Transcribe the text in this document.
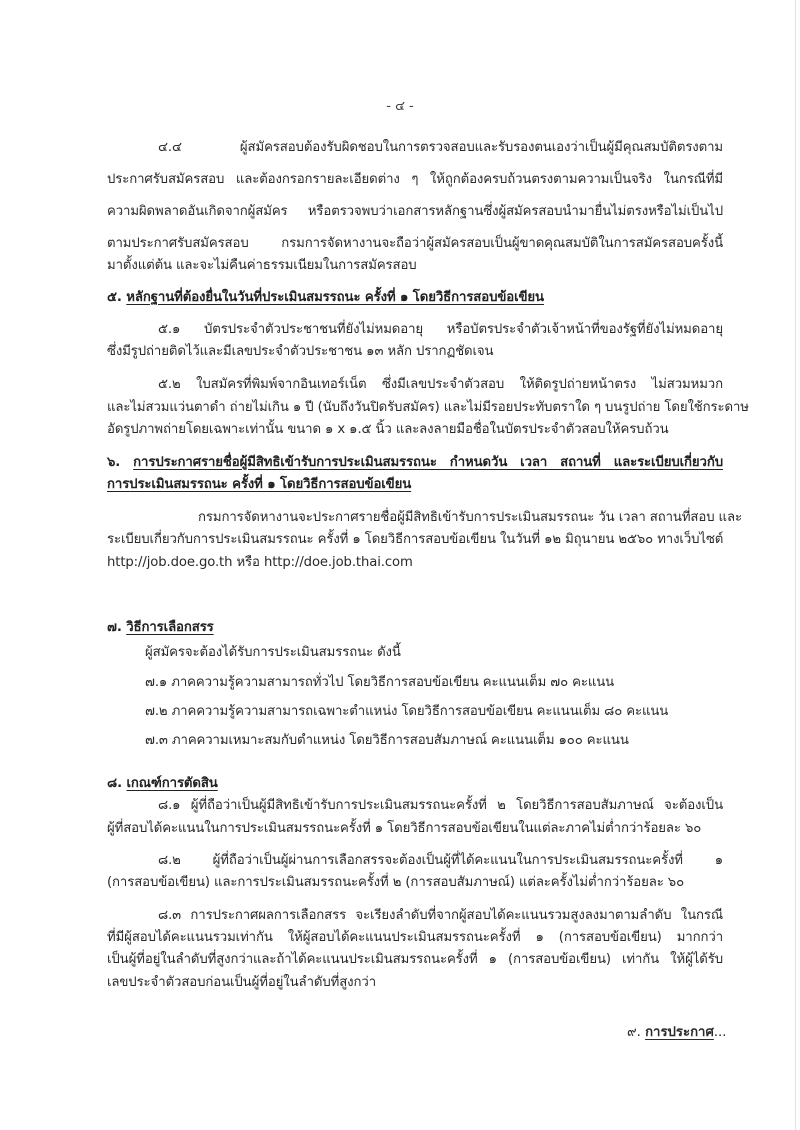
- ๔ -
๔.๔ ผู้สมัครสอบต้องรับผิดชอบในการตรวจสอบและรับรองตนเองว่าเป็นผู้มีคุณสมบัติตรงตาม
ประกาศรับสมัครสอบ และต้องกรอกรายละเอียดต่าง ๆ ให้ถูกต้องครบถ้วนตรงตามความเป็นจริง ในกรณีที่มี
ความผิดพลาดอันเกิดจากผู้สมัคร หรือตรวจพบว่าเอกสารหลักฐานซึ่งผู้สมัครสอบนำมายื่นไม่ตรงหรือไม่เป็นไป
ตามประกาศรับสมัครสอบ กรมการจัดหางานจะถือว่าผู้สมัครสอบเป็นผู้ขาดคุณสมบัติในการสมัครสอบครั้งนี้
มาตั้งแต่ต้น และจะไม่คืนค่าธรรมเนียมในการสมัครสอบ
๕. หลักฐานที่ต้องยื่นในวันที่ประเมินสมรรถนะ ครั้งที่ ๑ โดยวิธีการสอบข้อเขียน
๕.๑ บัตรประจำตัวประชาชนที่ยังไม่หมดอายุ หรือบัตรประจำตัวเจ้าหน้าที่ของรัฐที่ยังไม่หมดอายุ
ซึ่งมีรูปถ่ายติดไว้และมีเลขประจำตัวประชาชน ๑๓ หลัก ปรากฏชัดเจน
๕.๒ ใบสมัครที่พิมพ์จากอินเทอร์เน็ต ซึ่งมีเลขประจำตัวสอบ ให้ติดรูปถ่ายหน้าตรง ไม่สวมหมวก
และไม่สวมแว่นตาดำ ถ่ายไม่เกิน ๑ ปี (นับถึงวันปิดรับสมัคร) และไม่มีรอยประทับตราใด ๆ บนรูปถ่าย โดยใช้กระดาษ
อัดรูปภาพถ่ายโดยเฉพาะเท่านั้น ขนาด ๑ x ๑.๕ นิ้ว และลงลายมือชื่อในบัตรประจำตัวสอบให้ครบถ้วน
๖. การประกาศรายชื่อผู้มีสิทธิเข้ารับการประเมินสมรรถนะ กำหนดวัน เวลา สถานที่ และระเบียบเกี่ยวกับ
การประเมินสมรรถนะ ครั้งที่ ๑ โดยวิธีการสอบข้อเขียน
กรมการจัดหางานจะประกาศรายชื่อผู้มีสิทธิเข้ารับการประเมินสมรรถนะ วัน เวลา สถานที่สอบ และ
ระเบียบเกี่ยวกับการประเมินสมรรถนะ ครั้งที่ ๑ โดยวิธีการสอบข้อเขียน ในวันที่ ๑๒ มิถุนายน ๒๕๖๐ ทางเว็บไซต์
http://job.doe.go.th หรือ http://doe.job.thai.com
๗. วิธีการเลือกสรร
ผู้สมัครจะต้องได้รับการประเมินสมรรถนะ ดังนี้
๗.๑ ภาคความรู้ความสามารถทั่วไป โดยวิธีการสอบข้อเขียน คะแนนเต็ม ๗๐ คะแนน
๗.๒ ภาคความรู้ความสามารถเฉพาะตำแหน่ง โดยวิธีการสอบข้อเขียน คะแนนเต็ม ๘๐ คะแนน
๗.๓ ภาคความเหมาะสมกับตำแหน่ง โดยวิธีการสอบสัมภาษณ์ คะแนนเต็ม ๑๐๐ คะแนน
๘. เกณฑ์การตัดสิน
๘.๑ ผู้ที่ถือว่าเป็นผู้มีสิทธิเข้ารับการประเมินสมรรถนะครั้งที่ ๒ โดยวิธีการสอบสัมภาษณ์ จะต้องเป็น
ผู้ที่สอบได้คะแนนในการประเมินสมรรถนะครั้งที่ ๑ โดยวิธีการสอบข้อเขียนในแต่ละภาคไม่ต่ำกว่าร้อยละ ๖๐
๘.๒ ผู้ที่ถือว่าเป็นผู้ผ่านการเลือกสรรจะต้องเป็นผู้ที่ได้คะแนนในการประเมินสมรรถนะครั้งที่ ๑
(การสอบข้อเขียน) และการประเมินสมรรถนะครั้งที่ ๒ (การสอบสัมภาษณ์) แต่ละครั้งไม่ต่ำกว่าร้อยละ ๖๐
๘.๓ การประกาศผลการเลือกสรร จะเรียงลำดับที่จากผู้สอบได้คะแนนรวมสูงลงมาตามลำดับ ในกรณี
ที่มีผู้สอบได้คะแนนรวมเท่ากัน ให้ผู้สอบได้คะแนนประเมินสมรรถนะครั้งที่ ๑ (การสอบข้อเขียน) มากกว่า
เป็นผู้ที่อยู่ในลำดับที่สูงกว่าและถ้าได้คะแนนประเมินสมรรถนะครั้งที่ ๑ (การสอบข้อเขียน) เท่ากัน ให้ผู้ได้รับ
เลขประจำตัวสอบก่อนเป็นผู้ที่อยู่ในลำดับที่สูงกว่า
๙. การประกาศ...
